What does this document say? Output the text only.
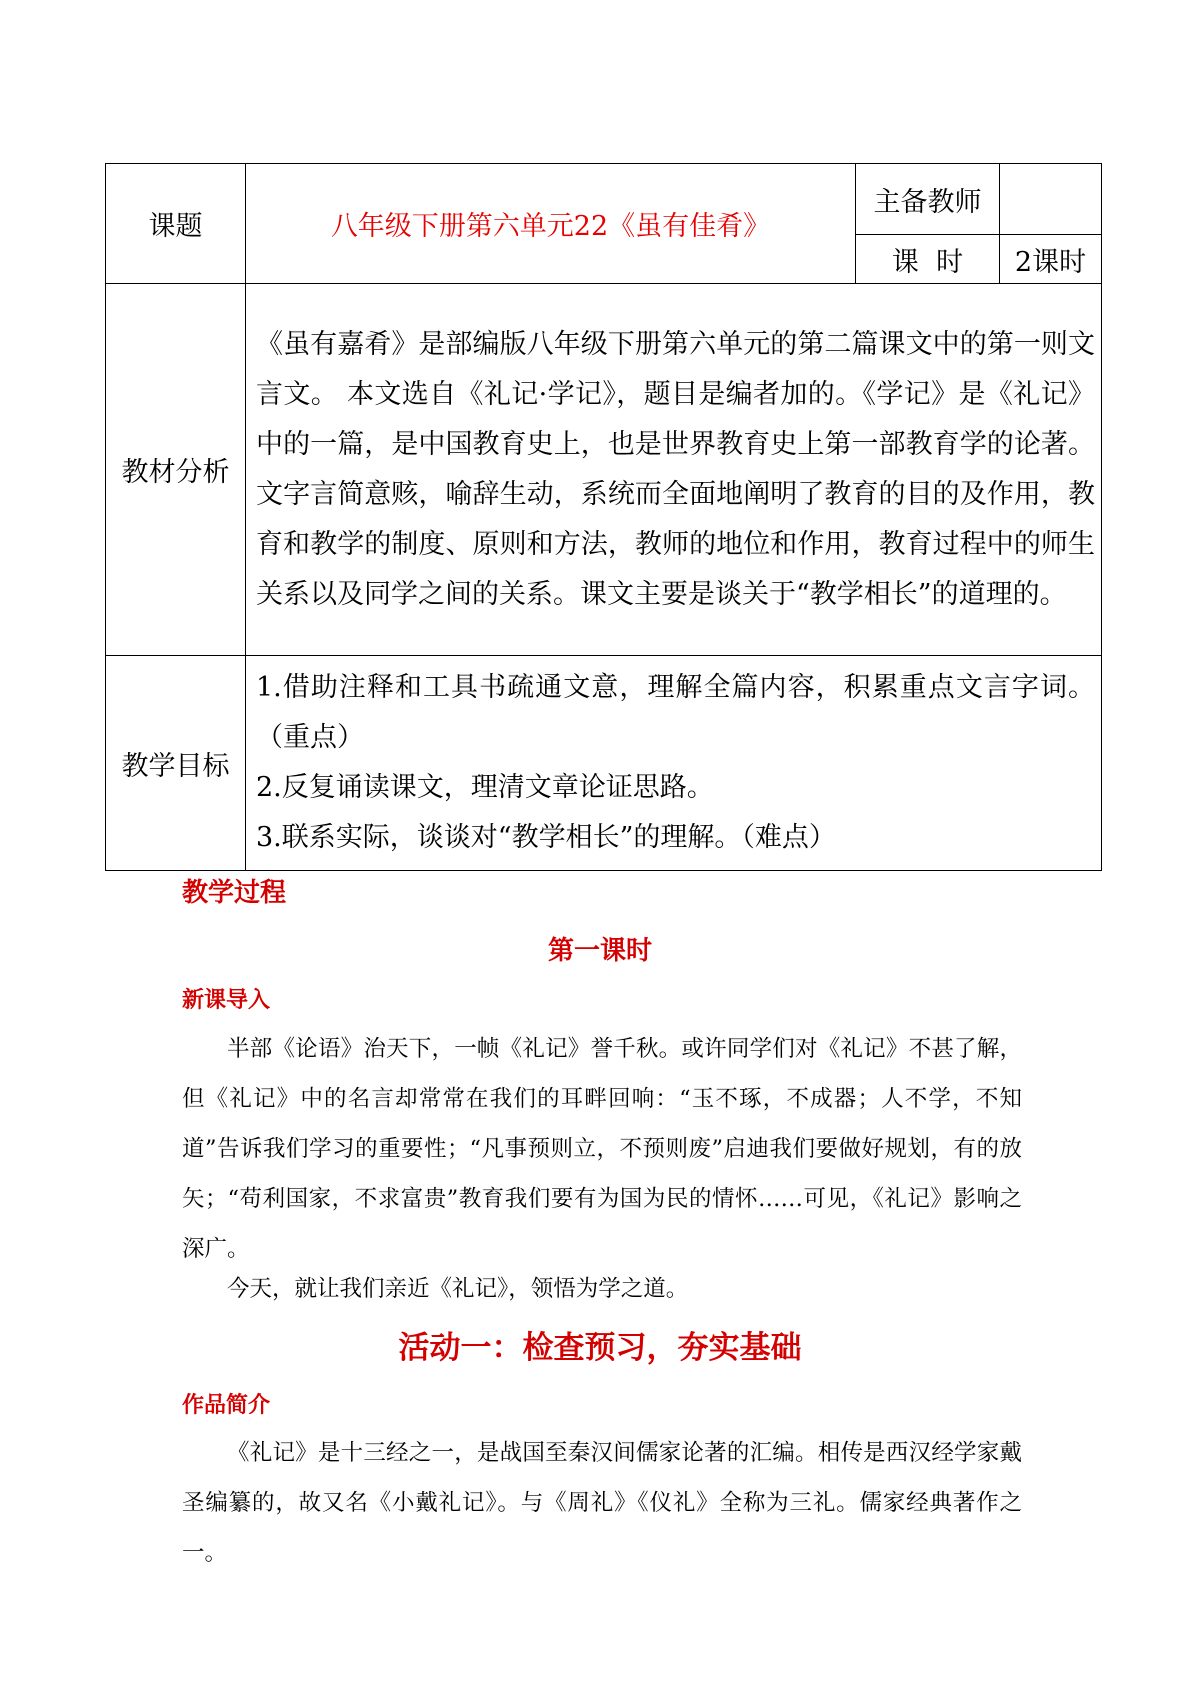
课题	八年级下册第六单元22《虽有佳肴》	主备教师	
		课  时	2课时
教材分析	《虽有嘉肴》是部编版八年级下册第六单元的第二篇课文中的第一则文言文。 本文选自《礼记·学记》，题目是编者加的。《学记》是《礼记》中的一篇，是中国教育史上，也是世界教育史上第一部教育学的论著。文字言简意赅，喻辞生动，系统而全面地阐明了教育的目的及作用，教育和教学的制度、原则和方法，教师的地位和作用，教育过程中的师生关系以及同学之间的关系。课文主要是谈关于“教学相长”的道理的。		
教学目标	1.借助注释和工具书疏通文意，理解全篇内容，积累重点文言字词。（重点）

2.反复诵读课文，理清文章论证思路。

3.联系实际，谈谈对“教学相长”的理解。（难点）		

教学过程
第一课时
新课导入

半部《论语》治天下，一帧《礼记》誉千秋。或许同学们对《礼记》不甚了解，但《礼记》中的名言却常常在我们的耳畔回响：“玉不琢，不成器；人不学，不知道”告诉我们学习的重要性；“凡事预则立，不预则废”启迪我们要做好规划，有的放矢；“苟利国家，不求富贵”教育我们要有为国为民的情怀……可见，《礼记》影响之深广。

今天，就让我们亲近《礼记》，领悟为学之道。

活动一：检查预习，夯实基础
作品简介

《礼记》是十三经之一，是战国至秦汉间儒家论著的汇编。相传是西汉经学家戴圣编纂的，故又名《小戴礼记》。与《周礼》《仪礼》全称为三礼。儒家经典著作之一。
